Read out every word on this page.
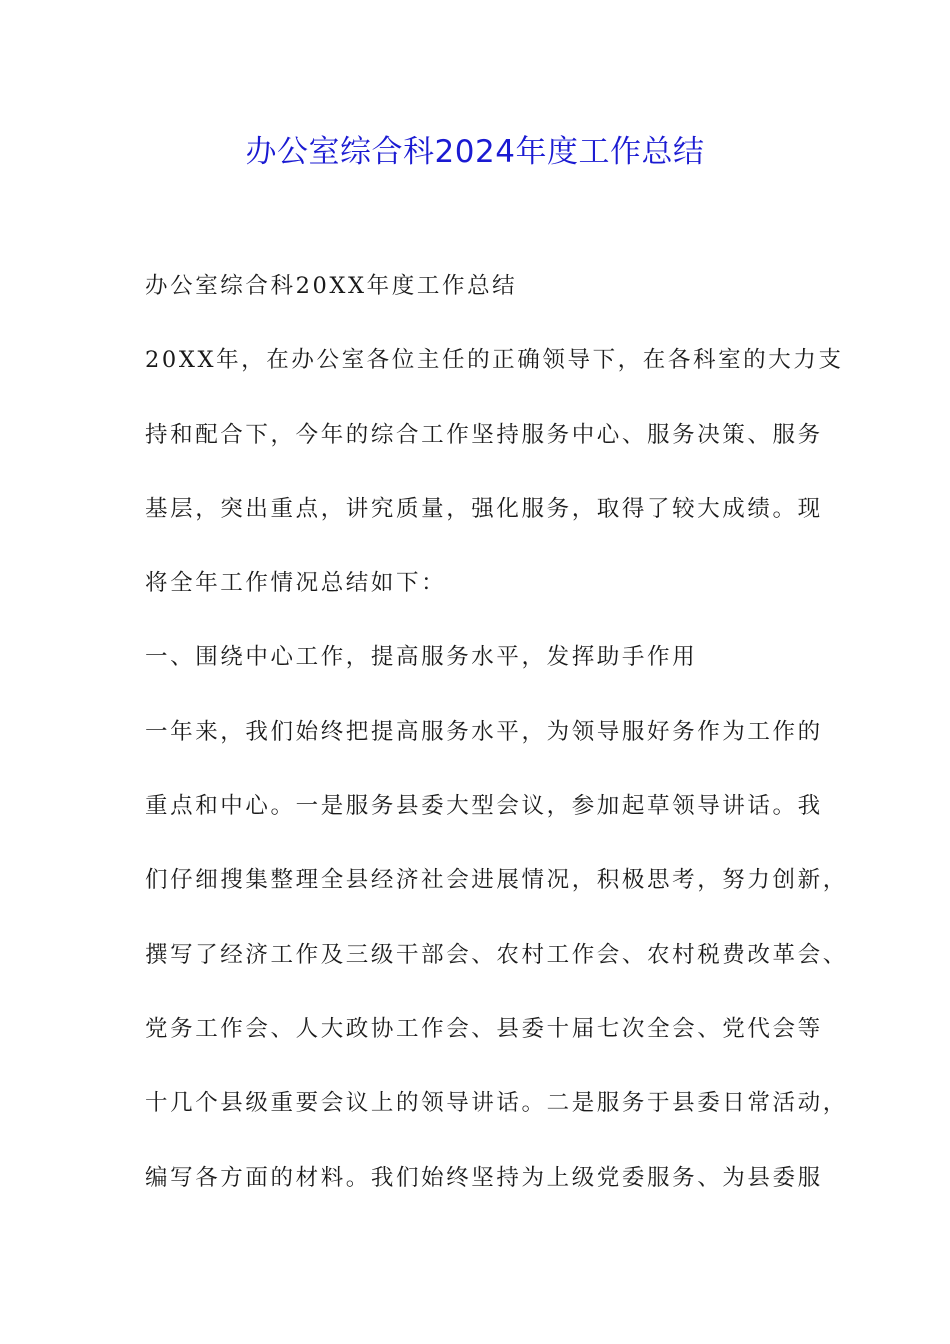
办公室综合科2024年度工作总结
办公室综合科20XX年度工作总结
20XX年，在办公室各位主任的正确领导下，在各科室的大力支
持和配合下，今年的综合工作坚持服务中心、服务决策、服务
基层，突出重点，讲究质量，强化服务，取得了较大成绩。现
将全年工作情况总结如下：
一、围绕中心工作，提高服务水平，发挥助手作用
一年来，我们始终把提高服务水平，为领导服好务作为工作的
重点和中心。一是服务县委大型会议，参加起草领导讲话。我
们仔细搜集整理全县经济社会进展情况，积极思考，努力创新，
撰写了经济工作及三级干部会、农村工作会、农村税费改革会、
党务工作会、人大政协工作会、县委十届七次全会、党代会等
十几个县级重要会议上的领导讲话。二是服务于县委日常活动，
编写各方面的材料。我们始终坚持为上级党委服务、为县委服
